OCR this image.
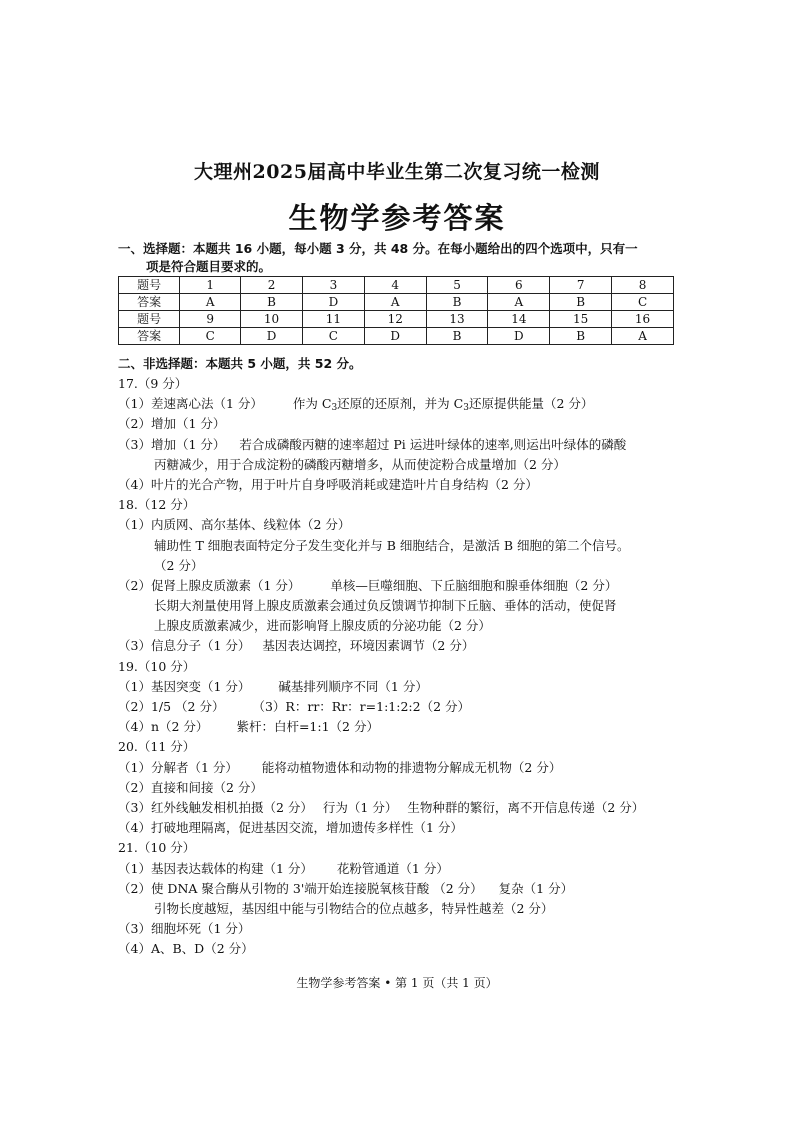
大理州2025届高中毕业生第二次复习统一检测
生物学参考答案
一、选择题：本题共 16 小题，每小题 3 分，共 48 分。在每小题给出的四个选项中，只有一
项是符合题目要求的。
题号	1	2	3	4	5	6	7	8
答案	A	B	D	A	B	A	B	C
题号	9	10	11	12	13	14	15	16
答案	C	D	C	D	B	D	B	A
二、非选择题：本题共 5 小题，共 52 分。
17.（9 分）
（1）差速离心法（1 分） 作为 $C_3$还原的还原剂，并为 $C_3$还原提供能量（2 分）
（2）增加（1 分）
（3）增加（1 分） 若合成磷酸丙糖的速率超过 Pi 运进叶绿体的速率,则运出叶绿体的磷酸
丙糖减少，用于合成淀粉的磷酸丙糖增多，从而使淀粉合成量增加（2 分）
（4）叶片的光合产物，用于叶片自身呼吸消耗或建造叶片自身结构（2 分）
18.（12 分）
（1）内质网、高尔基体、线粒体（2 分）
辅助性 T 细胞表面特定分子发生变化并与 B 细胞结合，是激活 B 细胞的第二个信号。
（2 分）
（2）促肾上腺皮质激素（1 分） 单核—巨噬细胞、下丘脑细胞和腺垂体细胞（2 分）
长期大剂量使用肾上腺皮质激素会通过负反馈调节抑制下丘脑、垂体的活动，使促肾
上腺皮质激素减少，进而影响肾上腺皮质的分泌功能（2 分）
（3）信息分子（1 分） 基因表达调控，环境因素调节（2 分）
19.（10 分）
（1）基因突变（1 分） 碱基排列顺序不同（1 分）
（2）1/5 （2 分） （3）R：rr：Rr：r=1:1:2:2（2 分）
（4）n（2 分） 紫杆：白杆=1:1（2 分）
20.（11 分）
（1）分解者（1 分） 能将动植物遗体和动物的排遗物分解成无机物（2 分）
（2）直接和间接（2 分）
（3）红外线触发相机拍摄（2 分） 行为（1 分） 生物种群的繁衍，离不开信息传递（2 分）
（4）打破地理隔离，促进基因交流，增加遗传多样性（1 分）
21.（10 分）
（1）基因表达载体的构建（1 分） 花粉管通道（1 分）
（2）使 DNA 聚合酶从引物的 3'端开始连接脱氧核苷酸 （2 分） 复杂（1 分）
引物长度越短，基因组中能与引物结合的位点越多，特异性越差（2 分）
（3）细胞坏死（1 分）
（4）A、B、D（2 分）
生物学参考答案 • 第 1 页（共 1 页）
